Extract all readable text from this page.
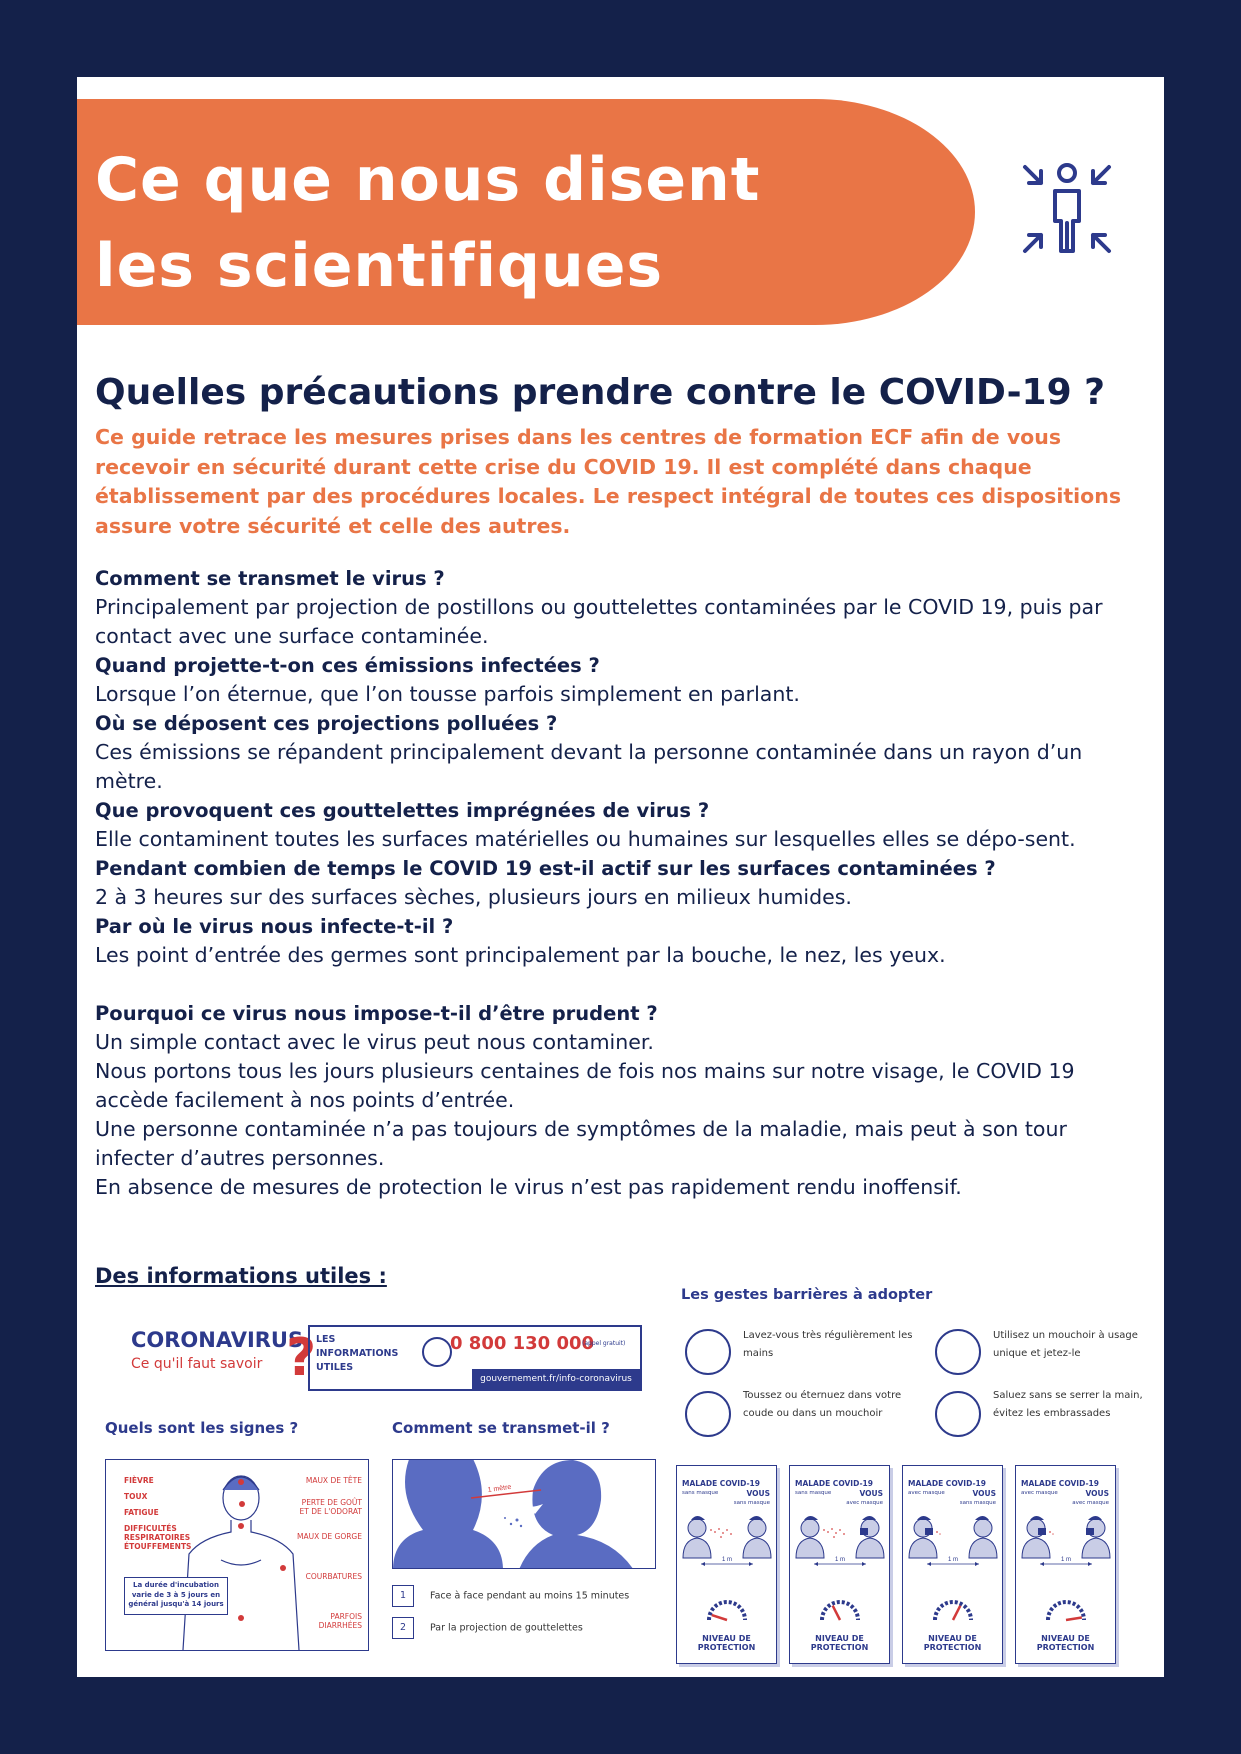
Ce que nous disent
les scientifiques
Quelles précautions prendre contre le COVID-19 ?

Ce guide retrace les mesures prises dans les centres de formation ECF afin de vous recevoir en sécurité durant cette crise du COVID 19. Il est complété dans chaque établissement par des procédures locales. Le respect intégral de toutes ces dispositions assure votre sécurité et celle des autres.

Comment se transmet le virus ?
Principalement par projection de postillons ou gouttelettes contaminées par le COVID 19, puis par contact avec une surface contaminée.
Quand projette-t-on ces émissions infectées ?
Lorsque l’on éternue, que l’on tousse parfois simplement en parlant.
Où se déposent ces projections polluées ?
Ces émissions se répandent principalement devant la personne contaminée dans un rayon d’un mètre.
Que provoquent ces gouttelettes imprégnées de virus ?
Elle contaminent toutes les surfaces matérielles ou humaines sur lesquelles elles se dépo-sent.
Pendant combien de temps le COVID 19 est-il actif sur les surfaces contaminées ?
2 à 3 heures sur des surfaces sèches, plusieurs jours en milieux humides.
Par où le virus nous infecte-t-il ?
Les point d’entrée des germes sont principalement par la bouche, le nez, les yeux.
Pourquoi ce virus nous impose-t-il d’être prudent ?
Un simple contact avec le virus peut nous contaminer.
Nous portons tous les jours plusieurs centaines de fois nos mains sur notre visage, le COVID 19 accède facilement à nos points d’entrée.
Une personne contaminée n’a pas toujours de symptômes de la maladie, mais peut à son tour infecter d’autres personnes.
En absence de mesures de protection le virus n’est pas rapidement rendu inoffensif.
Des informations utiles :
CORONAVIRUS
Ce qu'il faut savoir ? LES INFORMATIONS UTILES
0 800 130 000
(appel gratuit)
gouvernement.fr/info-coronavirus
Quels sont les signes ?
FIÈVRE
TOUX
FATIGUE
DIFFICULTÉS RESPIRATOIRES ÉTOUFFEMENTS
MAUX DE TÊTE
PERTE DE GOÛT ET DE L'ODORAT
MAUX DE GORGE
COURBATURES
PARFOIS DIARRHÉES
La durée d'incubation varie de 3 à 5 jours en général jusqu'à 14 jours
Comment se transmet-il ?
1 mètre
1	Face à face pendant au moins 15 minutes
2	Par la projection de gouttelettes
Les gestes barrières à adopter
Lavez-vous très régulièrement les mains
Utilisez un mouchoir à usage unique et jetez-le
Toussez ou éternuez dans votre coude ou dans un mouchoir
Saluez sans se serrer la main, évitez les embrassades
MALADE COVID-19
sans masque	VOUS
sans masque
1 m
NIVEAU DE PROTECTION
MALADE COVID-19
sans masque	VOUS
avec masque
1 m
NIVEAU DE PROTECTION
MALADE COVID-19
avec masque	VOUS
sans masque
1 m
NIVEAU DE PROTECTION
MALADE COVID-19
avec masque	VOUS
avec masque
1 m
NIVEAU DE PROTECTION
